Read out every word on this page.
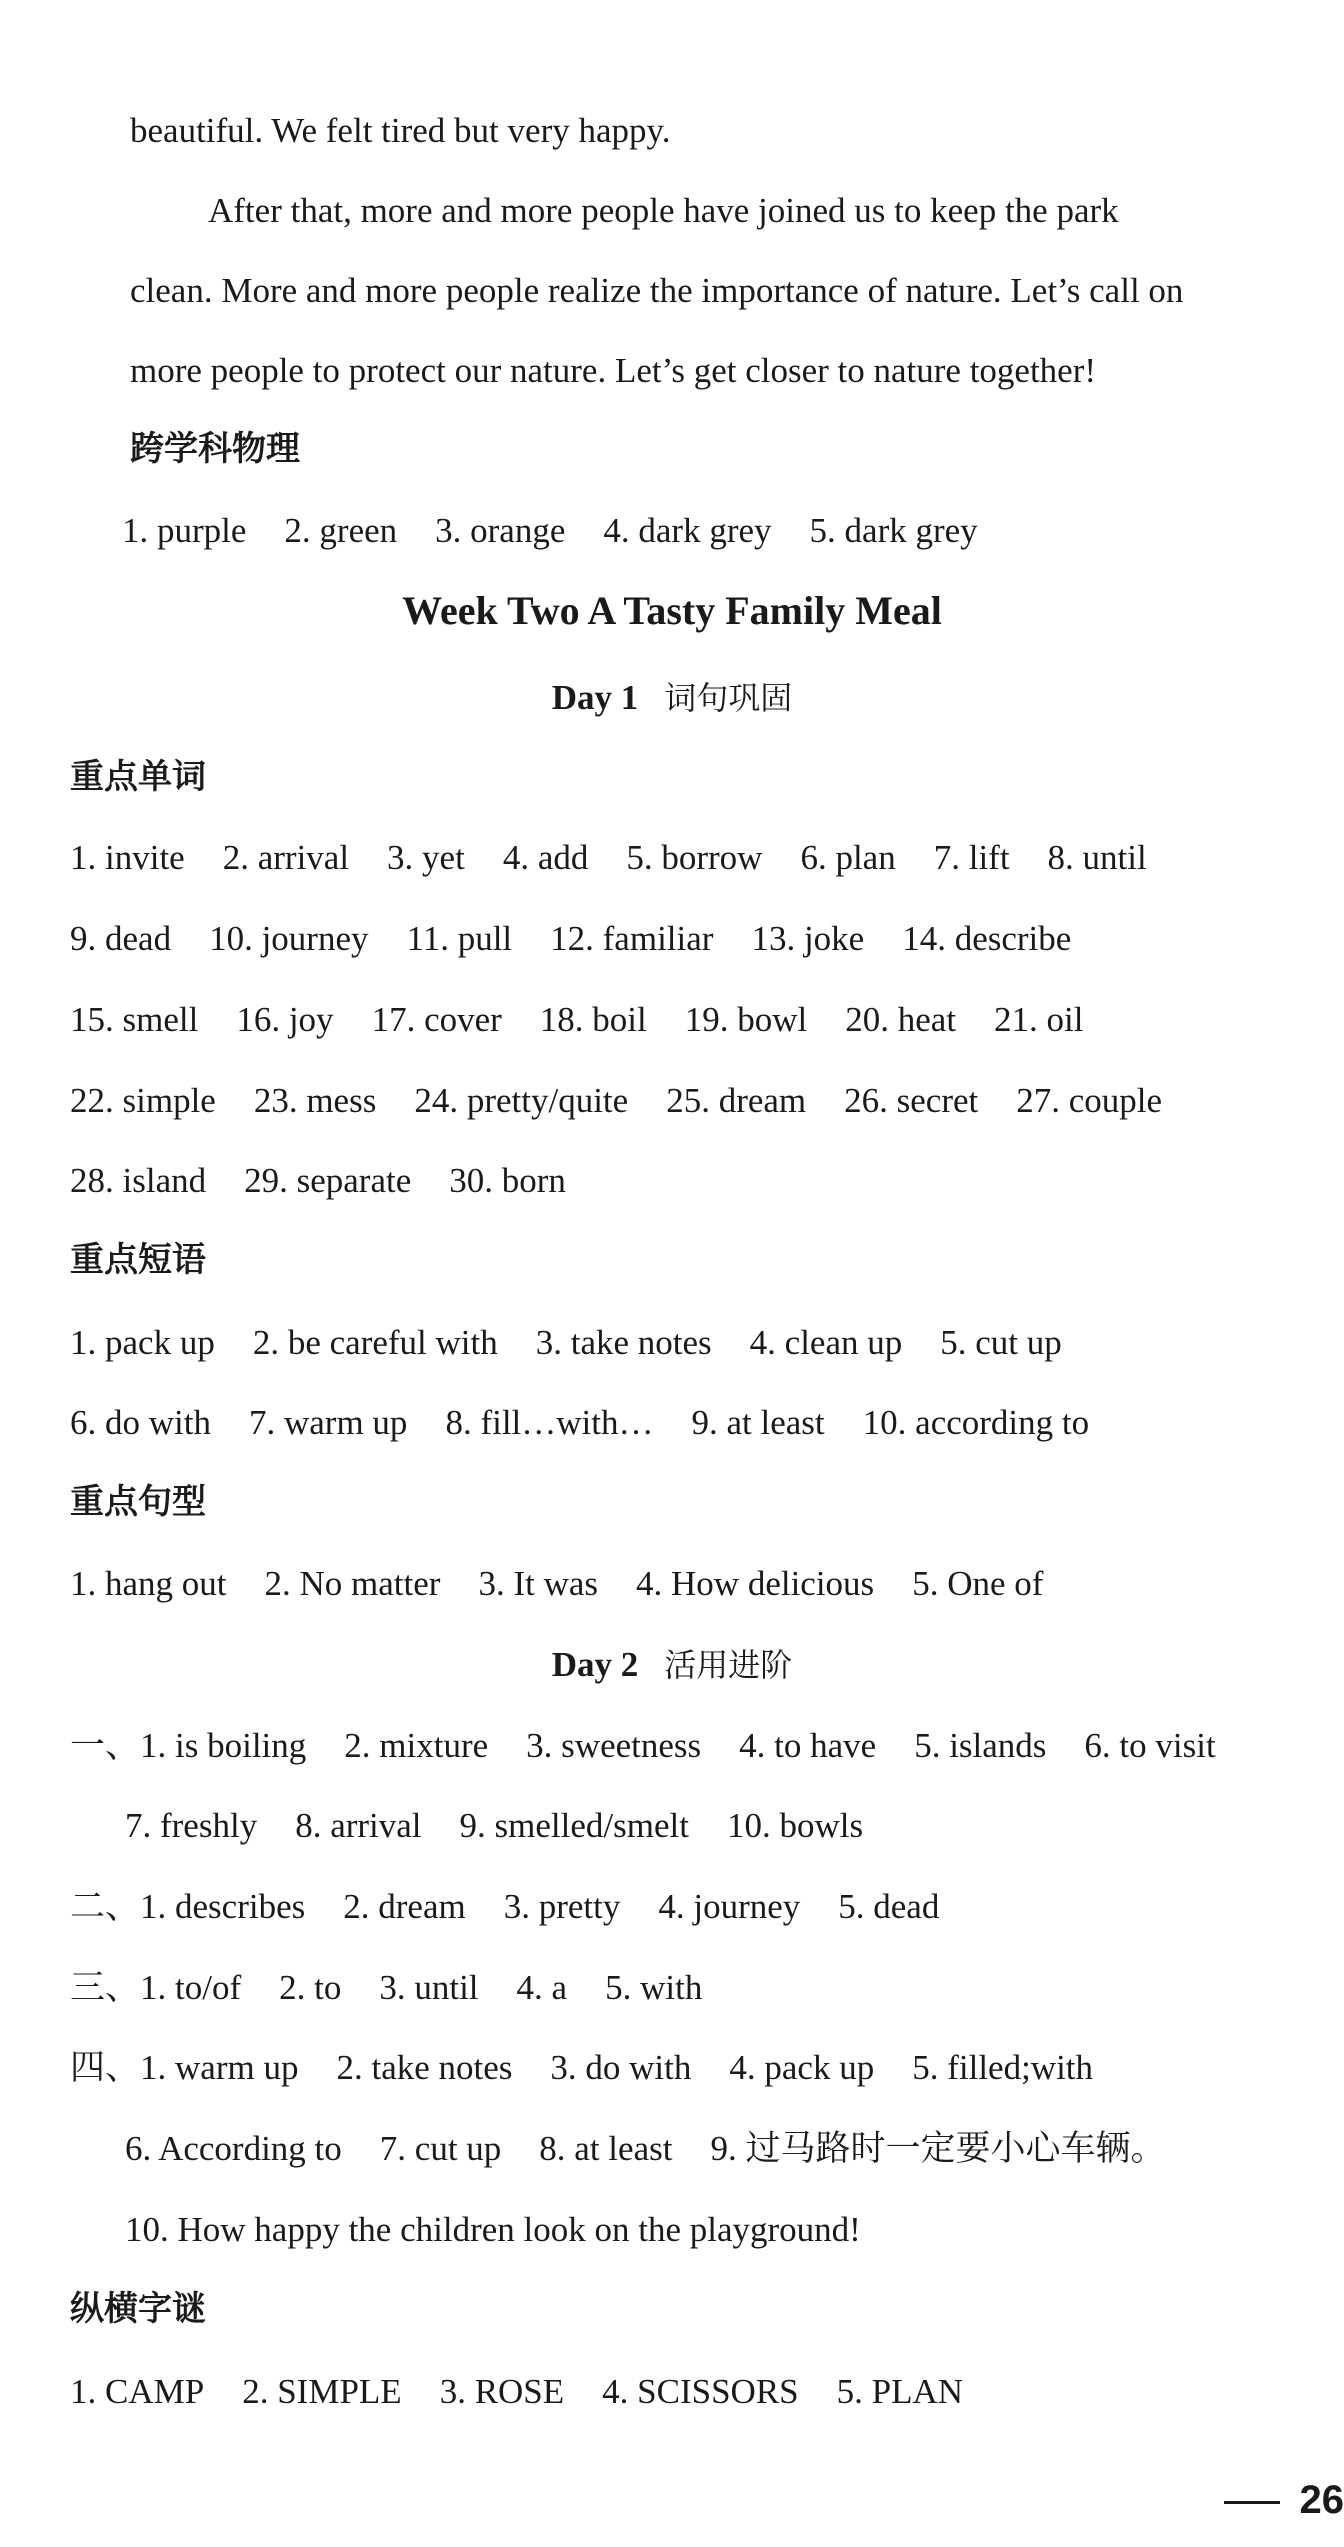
beautiful. We felt tired but very happy.
After that, more and more people have joined us to keep the park
clean. More and more people realize the importance of nature. Let’s call on
more people to protect our nature. Let’s get closer to nature together!
跨学科物理
1. purple 2. green 3. orange 4. dark grey 5. dark grey
Week Two A Tasty Family Meal
Day 1 词句巩固
重点单词
1. invite 2. arrival 3. yet 4. add 5. borrow 6. plan 7. lift 8. until
9. dead 10. journey 11. pull 12. familiar 13. joke 14. describe
15. smell 16. joy 17. cover 18. boil 19. bowl 20. heat 21. oil
22. simple 23. mess 24. pretty/quite 25. dream 26. secret 27. couple
28. island 29. separate 30. born
重点短语
1. pack up 2. be careful with 3. take notes 4. clean up 5. cut up
6. do with 7. warm up 8. fill…with… 9. at least 10. according to
重点句型
1. hang out 2. No matter 3. It was 4. How delicious 5. One of
Day 2 活用进阶
一、 1. is boiling 2. mixture 3. sweetness 4. to have 5. islands 6. to visit
7. freshly 8. arrival 9. smelled/smelt 10. bowls
二、 1. describes 2. dream 3. pretty 4. journey 5. dead
三、 1. to/of 2. to 3. until 4. a 5. with
四、 1. warm up 2. take notes 3. do with 4. pack up 5. filled;with
6. According to 7. cut up 8. at least 9. 过马路时一定要小心车辆。
10. How happy the children look on the playground!
纵横字谜
1. CAMP 2. SIMPLE 3. ROSE 4. SCISSORS 5. PLAN
26
